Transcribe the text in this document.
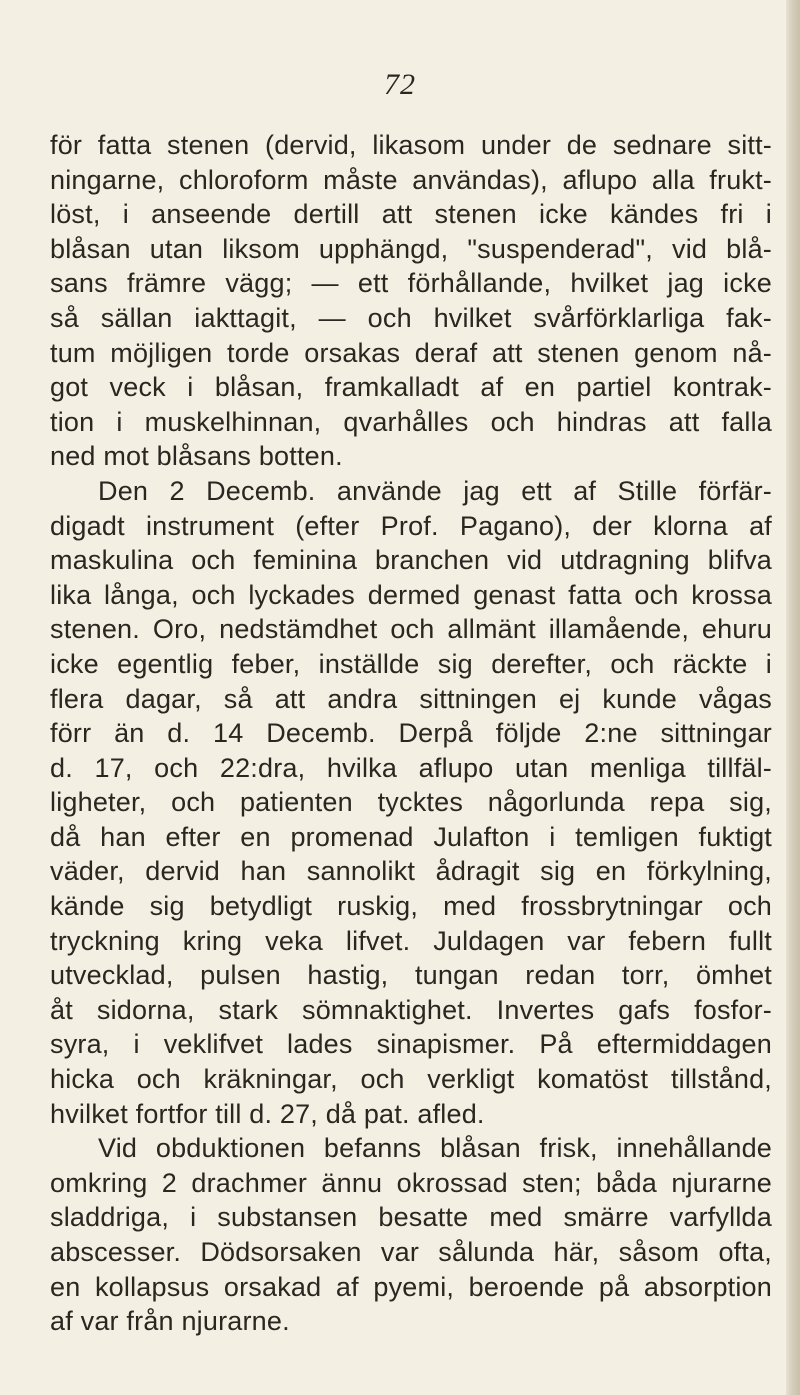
72
för fatta stenen (dervid, likasom under de sednare sitt-
ningarne, chloroform måste användas), aflupo alla frukt-
löst, i anseende dertill att stenen icke kändes fri i
blåsan utan liksom upphängd, "suspenderad", vid blå-
sans främre vägg; — ett förhållande, hvilket jag icke
så sällan iakttagit, — och hvilket svårförklarliga fak-
tum möjligen torde orsakas deraf att stenen genom nå-
got veck i blåsan, framkalladt af en partiel kontrak-
tion i muskelhinnan, qvarhålles och hindras att falla
ned mot blåsans botten.
Den 2 Decemb. använde jag ett af Stille förfär-
digadt instrument (efter Prof. Pagano), der klorna af
maskulina och feminina branchen vid utdragning blifva
lika långa, och lyckades dermed genast fatta och krossa
stenen. Oro, nedstämdhet och allmänt illamående, ehuru
icke egentlig feber, inställde sig derefter, och räckte i
flera dagar, så att andra sittningen ej kunde vågas
förr än d. 14 Decemb. Derpå följde 2:ne sittningar
d. 17, och 22:dra, hvilka aflupo utan menliga tillfäl-
ligheter, och patienten tycktes någorlunda repa sig,
då han efter en promenad Julafton i temligen fuktigt
väder, dervid han sannolikt ådragit sig en förkylning,
kände sig betydligt ruskig, med frossbrytningar och
tryckning kring veka lifvet. Juldagen var febern fullt
utvecklad, pulsen hastig, tungan redan torr, ömhet
åt sidorna, stark sömnaktighet. Invertes gafs fosfor-
syra, i veklifvet lades sinapismer. På eftermiddagen
hicka och kräkningar, och verkligt komatöst tillstånd,
hvilket fortfor till d. 27, då pat. afled.
Vid obduktionen befanns blåsan frisk, innehållande
omkring 2 drachmer ännu okrossad sten; båda njurarne
sladdriga, i substansen besatte med smärre varfyllda
abscesser. Dödsorsaken var sålunda här, såsom ofta,
en kollapsus orsakad af pyemi, beroende på absorption
af var från njurarne.
